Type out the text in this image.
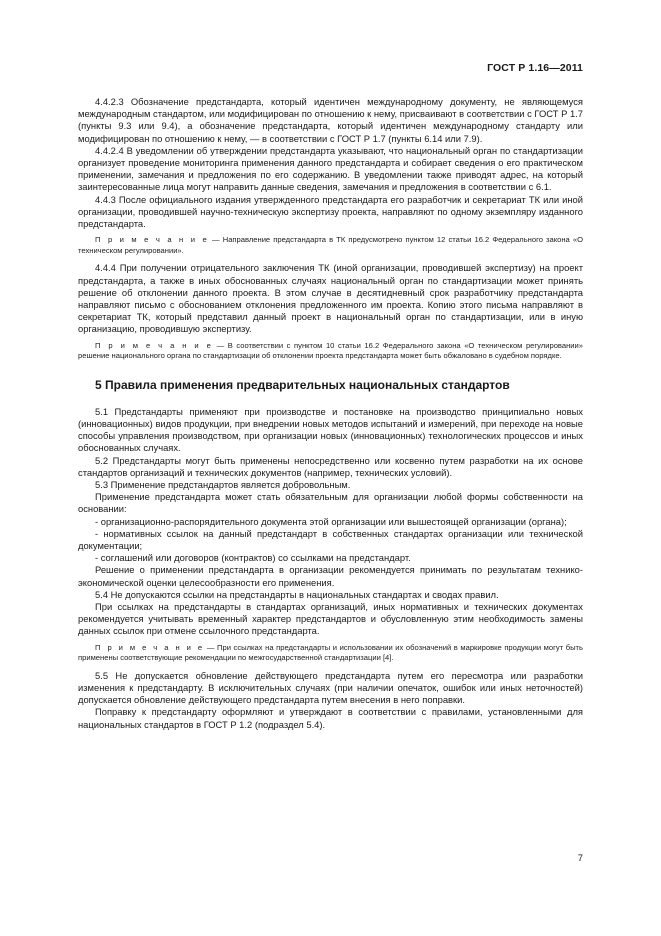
ГОСТ Р 1.16—2011

4.4.2.3 Обозначение предстандарта, который идентичен международному документу, не являющемуся международным стандартом, или модифицирован по отношению к нему, присваивают в соответствии с ГОСТ Р 1.7 (пункты 9.3 или 9.4), а обозначение предстандарта, который идентичен международному стандарту или модифицирован по отношению к нему, — в соответствии с ГОСТ Р 1.7 (пункты 6.14 или 7.9).

4.4.2.4 В уведомлении об утверждении предстандарта указывают, что национальный орган по стандартизации организует проведение мониторинга применения данного предстандарта и собирает сведения о его практическом применении, замечания и предложения по его содержанию. В уведомлении также приводят адрес, на который заинтересованные лица могут направить данные сведения, замечания и предложения в соответствии с 6.1.

4.4.3 После официального издания утвержденного предстандарта его разработчик и секретариат ТК или иной организации, проводившей научно-техническую экспертизу проекта, направляют по одному экземпляру изданного предстандарта.

П р и м е ч а н и е — Направление предстандарта в ТК предусмотрено пунктом 12 статьи 16.2 Федерального закона «О техническом регулировании».

4.4.4 При получении отрицательного заключения ТК (иной организации, проводившей экспертизу) на проект предстандарта, а также в иных обоснованных случаях национальный орган по стандартизации может принять решение об отклонении данного проекта. В этом случае в десятидневный срок разработчику предстандарта направляют письмо с обоснованием отклонения предложенного им проекта. Копию этого письма направляют в секретариат ТК, который представил данный проект в национальный орган по стандартизации, или в иную организацию, проводившую экспертизу.

П р и м е ч а н и е — В соответствии с пунктом 10 статьи 16.2 Федерального закона «О техническом регулировании» решение национального органа по стандартизации об отклонении проекта предстандарта может быть обжаловано в судебном порядке.
5 Правила применения предварительных национальных стандартов

5.1 Предстандарты применяют при производстве и постановке на производство принципиально новых (инновационных) видов продукции, при внедрении новых методов испытаний и измерений, при переходе на новые способы управления производством, при организации новых (инновационных) технологических процессов и иных обоснованных случаях.

5.2 Предстандарты могут быть применены непосредственно или косвенно путем разработки на их основе стандартов организаций и технических документов (например, технических условий).

5.3 Применение предстандартов является добровольным.

Применение предстандарта может стать обязательным для организации любой формы собственности на основании:

- организационно-распорядительного документа этой организации или вышестоящей организации (органа);

- нормативных ссылок на данный предстандарт в собственных стандартах организации или технической документации;

- соглашений или договоров (контрактов) со ссылками на предстандарт.

Решение о применении предстандарта в организации рекомендуется принимать по результатам технико-экономической оценки целесообразности его применения.

5.4 Не допускаются ссылки на предстандарты в национальных стандартах и сводах правил.

При ссылках на предстандарты в стандартах организаций, иных нормативных и технических документах рекомендуется учитывать временный характер предстандартов и обусловленную этим необходимость замены данных ссылок при отмене ссылочного предстандарта.

П р и м е ч а н и е — При ссылках на предстандарты и использовании их обозначений в маркировке продукции могут быть применены соответствующие рекомендации по межгосударственной стандартизации [4].

5.5 Не допускается обновление действующего предстандарта путем его пересмотра или разработки изменения к предстандарту. В исключительных случаях (при наличии опечаток, ошибок или иных неточностей) допускается обновление действующего предстандарта путем внесения в него поправки.

Поправку к предстандарту оформляют и утверждают в соответствии с правилами, установленными для национальных стандартов в ГОСТ Р 1.2 (подраздел 5.4).

7
